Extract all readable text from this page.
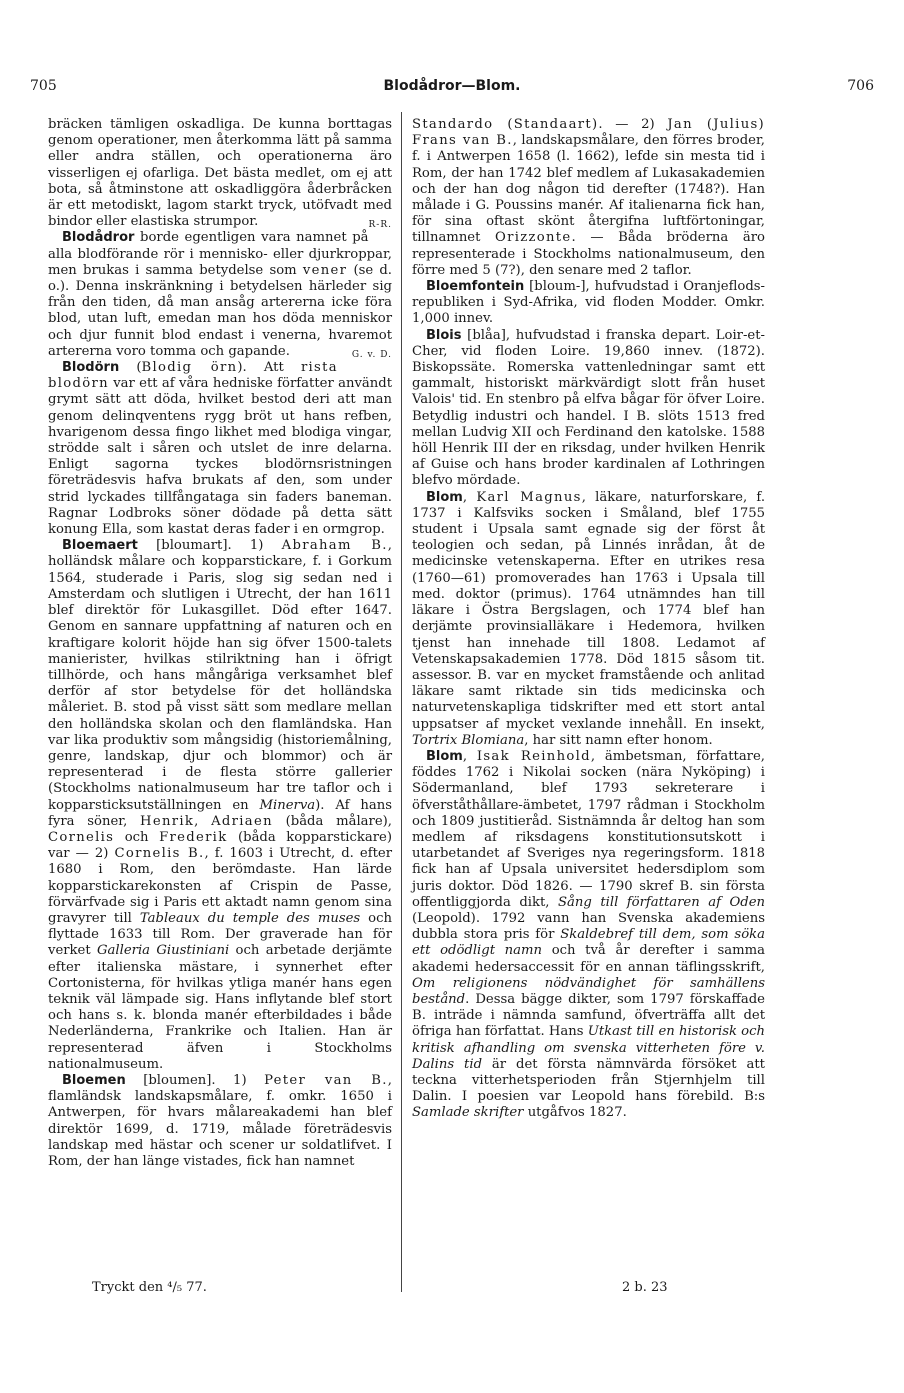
705	Blodådror—Blom.	706

bräcken tämligen oskadliga. De kunna borttagas genom operationer, men återkomma lätt på samma eller andra ställen, och operationerna äro visserligen ej ofarliga. Det bästa medlet, om ej att bota, så åtminstone att oskadliggöra åderbråcken är ett metodiskt, lagom starkt tryck, utöfvadt med bindor eller elastiska strumpor.	R-R.

Blodådror borde egentligen vara namnet på alla blodförande rör i mennisko- eller djurkroppar, men brukas i samma betydelse som vener (se d. o.). Denna inskränkning i betydelsen härleder sig från den tiden, då man ansåg artererna icke föra blod, utan luft, emedan man hos döda menniskor och djur funnit blod endast i venerna, hvaremot artererna voro tomma och gapande.	G. v. D.

Blodörn (Blodig örn). Att rista blodörn var ett af våra hedniske författer användt grymt sätt att döda, hvilket bestod deri att man genom delinqventens rygg bröt ut hans refben, hvarigenom dessa fingo likhet med blodiga vingar, strödde salt i såren och utslet de inre delarna. Enligt sagorna tyckes blodörnsristningen företrädesvis hafva brukats af den, som under strid lyckades tillfångataga sin faders baneman. Ragnar Lodbroks söner dödade på detta sätt konung Ella, som kastat deras fader i en ormgrop.

Bloemaert [bloumart]. 1) Abraham B., holländsk målare och kopparstickare, f. i Gorkum 1564, studerade i Paris, slog sig sedan ned i Amsterdam och slutligen i Utrecht, der han 1611 blef direktör för Lukasgillet. Död efter 1647. Genom en sannare uppfattning af naturen och en kraftigare kolorit höjde han sig öfver 1500-talets manierister, hvilkas stilriktning han i öfrigt tillhörde, och hans mångåriga verksamhet blef derför af stor betydelse för det holländska måleriet. B. stod på visst sätt som medlare mellan den holländska skolan och den flamländska. Han var lika produktiv som mångsidig (historiemålning, genre, landskap, djur och blommor) och är representerad i de flesta större gallerier (Stockholms nationalmuseum har tre taflor och i kopparsticksutställningen en Minerva). Af hans fyra söner, Henrik, Adriaen (båda målare), Cornelis och Frederik (båda kopparstickare) var — 2) Cornelis B., f. 1603 i Utrecht, d. efter 1680 i Rom, den berömdaste. Han lärde kopparstickarekonsten af Crispin de Passe, förvärfvade sig i Paris ett aktadt namn genom sina gravyrer till Tableaux du temple des muses och flyttade 1633 till Rom. Der graverade han för verket Galleria Giustiniani och arbetade derjämte efter italienska mästare, i synnerhet efter Cortonisterna, för hvilkas ytliga manér hans egen teknik väl lämpade sig. Hans inflytande blef stort och hans s. k. blonda manér efterbildades i både Nederländerna, Frankrike och Italien. Han är representerad äfven i Stockholms nationalmuseum.

Bloemen [bloumen]. 1) Peter van B., flamländsk landskapsmålare, f. omkr. 1650 i Antwerpen, för hvars målareakademi han blef direktör 1699, d. 1719, målade företrädesvis landskap med hästar och scener ur soldatlifvet. I Rom, der han länge vistades, fick han namnet

Standardo (Standaart). — 2) Jan (Julius) Frans van B., landskapsmålare, den förres broder, f. i Antwerpen 1658 (l. 1662), lefde sin mesta tid i Rom, der han 1742 blef medlem af Lukasakademien och der han dog någon tid derefter (1748?). Han målade i G. Poussins manér. Af italienarna fick han, för sina oftast skönt återgifna luftförtoningar, tillnamnet Orizzonte. — Båda bröderna äro representerade i Stockholms nationalmuseum, den förre med 5 (7?), den senare med 2 taflor.

Bloemfontein [bloum-], hufvudstad i Oranjeflods-republiken i Syd-Afrika, vid floden Modder. Omkr. 1,000 innev.

Blois [blåa], hufvudstad i franska depart. Loir-et-Cher, vid floden Loire. 19,860 innev. (1872). Biskopssäte. Romerska vattenledningar samt ett gammalt, historiskt märkvärdigt slott från huset Valois' tid. En stenbro på elfva bågar för öfver Loire. Betydlig industri och handel. I B. slöts 1513 fred mellan Ludvig XII och Ferdinand den katolske. 1588 höll Henrik III der en riksdag, under hvilken Henrik af Guise och hans broder kardinalen af Lothringen blefvo mördade.

Blom, Karl Magnus, läkare, naturforskare, f. 1737 i Kalfsviks socken i Småland, blef 1755 student i Upsala samt egnade sig der först åt teologien och sedan, på Linnés inrådan, åt de medicinske vetenskaperna. Efter en utrikes resa (1760—61) promoverades han 1763 i Upsala till med. doktor (primus). 1764 utnämndes han till läkare i Östra Bergslagen, och 1774 blef han derjämte provinsialläkare i Hedemora, hvilken tjenst han innehade till 1808. Ledamot af Vetenskapsakademien 1778. Död 1815 såsom tit. assessor. B. var en mycket framstående och anlitad läkare samt riktade sin tids medicinska och naturvetenskapliga tidskrifter med ett stort antal uppsatser af mycket vexlande innehåll. En insekt, Tortrix Blomiana, har sitt namn efter honom.

Blom, Isak Reinhold, ämbetsman, författare, föddes 1762 i Nikolai socken (nära Nyköping) i Södermanland, blef 1793 sekreterare i öfverståthållare-ämbetet, 1797 rådman i Stockholm och 1809 justitieråd. Sistnämnda år deltog han som medlem af riksdagens konstitutionsutskott i utarbetandet af Sveriges nya regeringsform. 1818 fick han af Upsala universitet hedersdiplom som juris doktor. Död 1826. — 1790 skref B. sin första offentliggjorda dikt, Sång till författaren af Oden (Leopold). 1792 vann han Svenska akademiens dubbla stora pris för Skaldebref till dem, som söka ett odödligt namn och två år derefter i samma akademi hedersaccessit för en annan täflingsskrift, Om religionens nödvändighet för samhällens bestånd. Dessa bägge dikter, som 1797 förskaffade B. inträde i nämnda samfund, öfverträffa allt det öfriga han författat. Hans Utkast till en historisk och kritisk afhandling om svenska vitterheten före v. Dalins tid är det första nämnvärda försöket att teckna vitterhetsperioden från Stjernhjelm till Dalin. I poesien var Leopold hans förebild. B:s Samlade skrifter utgåfvos 1827.

Tryckt den ⁴/₅ 77.	2 b. 23
